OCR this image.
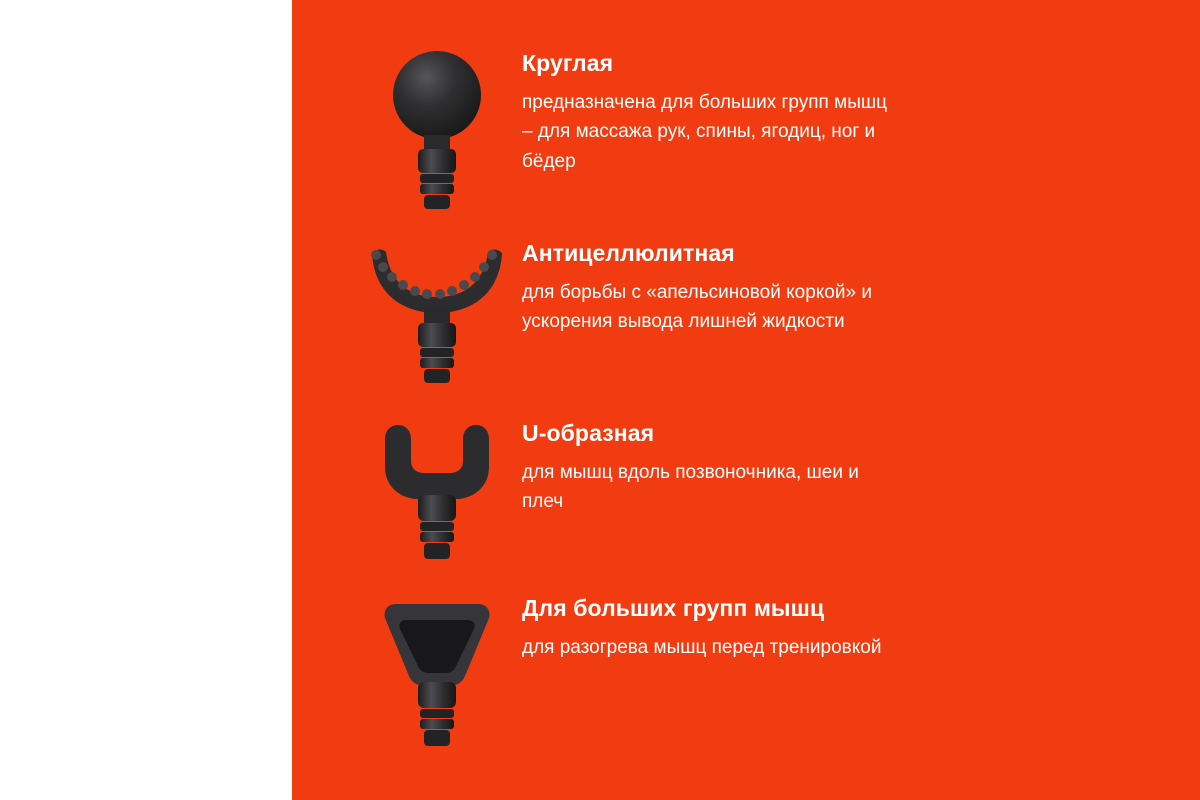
Круглая

предназначена для больших групп мышц – для массажа рук, спины, ягодиц, ног и бёдер

Антицеллюлитная

для борьбы с «апельсиновой коркой» и ускорения вывода лишней жидкости

U-образная

для мышц вдоль позвоночника, шеи и плеч

Для больших групп мышц

для разогрева мышц перед тренировкой
